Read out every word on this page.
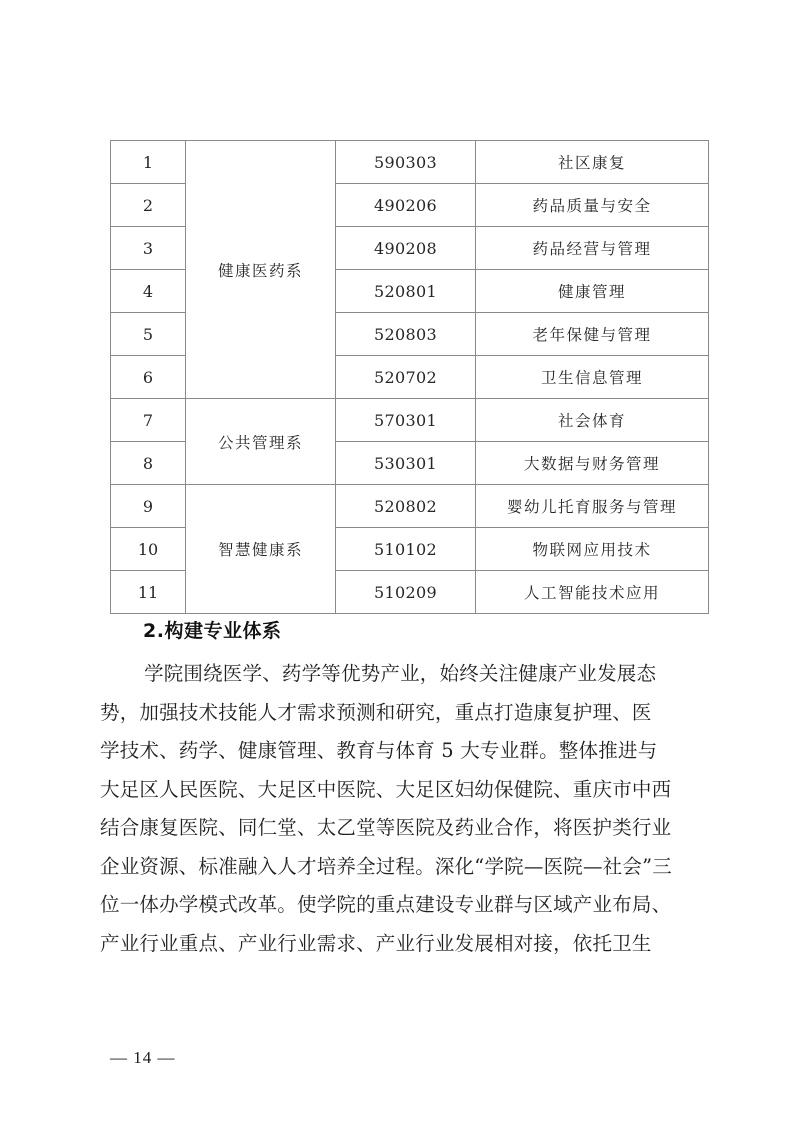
1	健康医药系	590303	社区康复
2		490206	药品质量与安全
3		490208	药品经营与管理
4		520801	健康管理
5		520803	老年保健与管理
6		520702	卫生信息管理
7	公共管理系	570301	社会体育
8		530301	大数据与财务管理
9	智慧健康系	520802	婴幼儿托育服务与管理
10		510102	物联网应用技术
11		510209	人工智能技术应用
2.构建专业体系
学院围绕医学、药学等优势产业，始终关注健康产业发展态
势，加强技术技能人才需求预测和研究，重点打造康复护理、医
学技术、药学、健康管理、教育与体育 5 大专业群。整体推进与
大足区人民医院、大足区中医院、大足区妇幼保健院、重庆市中西
结合康复医院、同仁堂、太乙堂等医院及药业合作，将医护类行业
企业资源、标准融入人才培养全过程。深化“学院—医院—社会”三
位一体办学模式改革。使学院的重点建设专业群与区域产业布局、
产业行业重点、产业行业需求、产业行业发展相对接，依托卫生
— 14 —
